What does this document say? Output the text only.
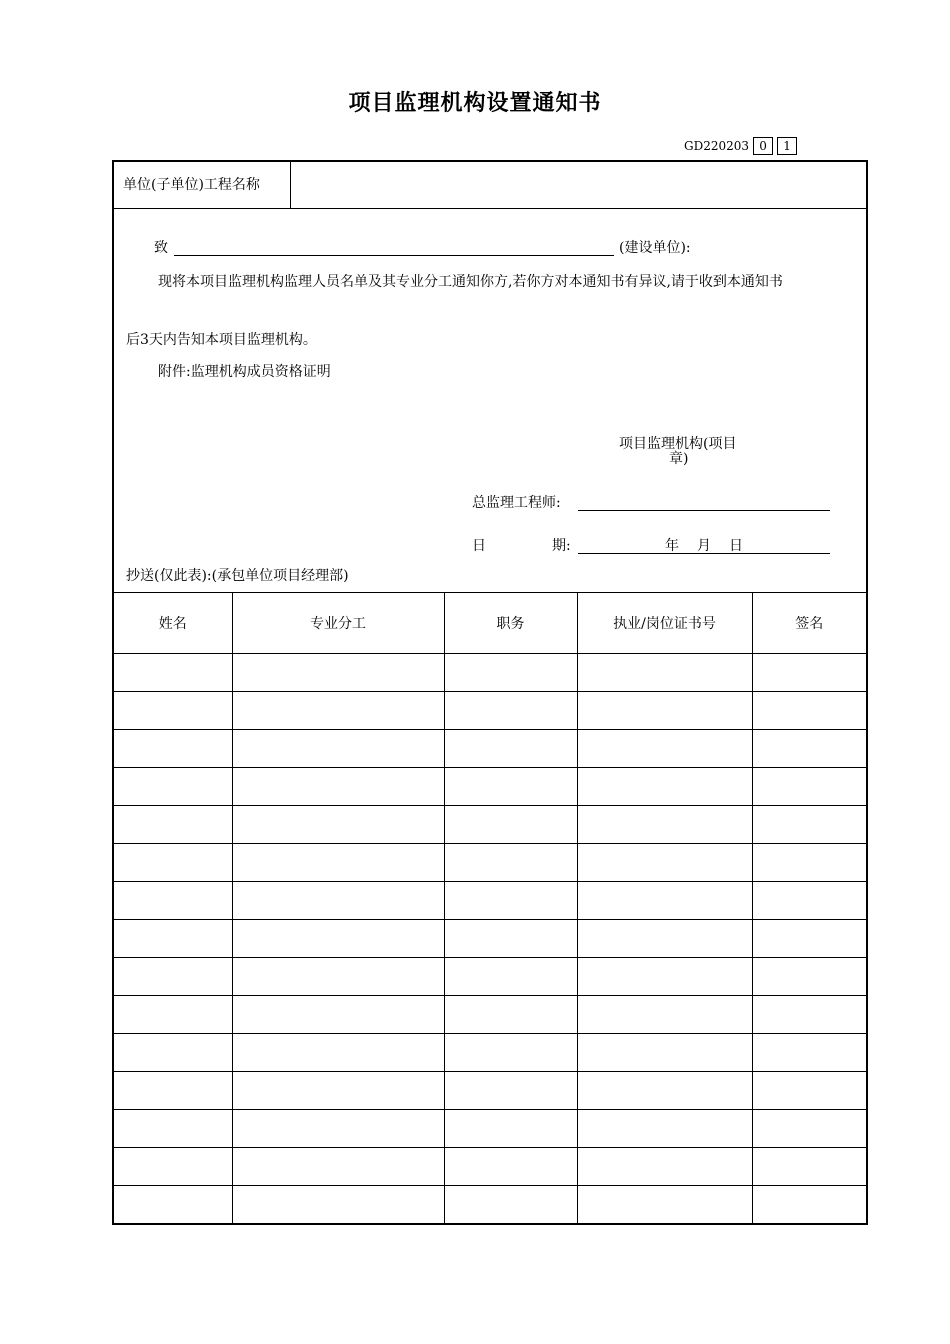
项目监理机构设置通知书
GD220203 0	1
单位(子单位)工程名称
致	(建设单位):
现将本项目监理机构监理人员名单及其专业分工通知你方,若你方对本通知书有异议,请于收到本通知书
后3天内告知本项目监理机构。
附件:监理机构成员资格证明
项目监理机构(项目
章)
总监理工程师:
日	期:	年 月 日
抄送(仅此表):(承包单位项目经理部)
姓名	专业分工	职务	执业/岗位证书号	签名
